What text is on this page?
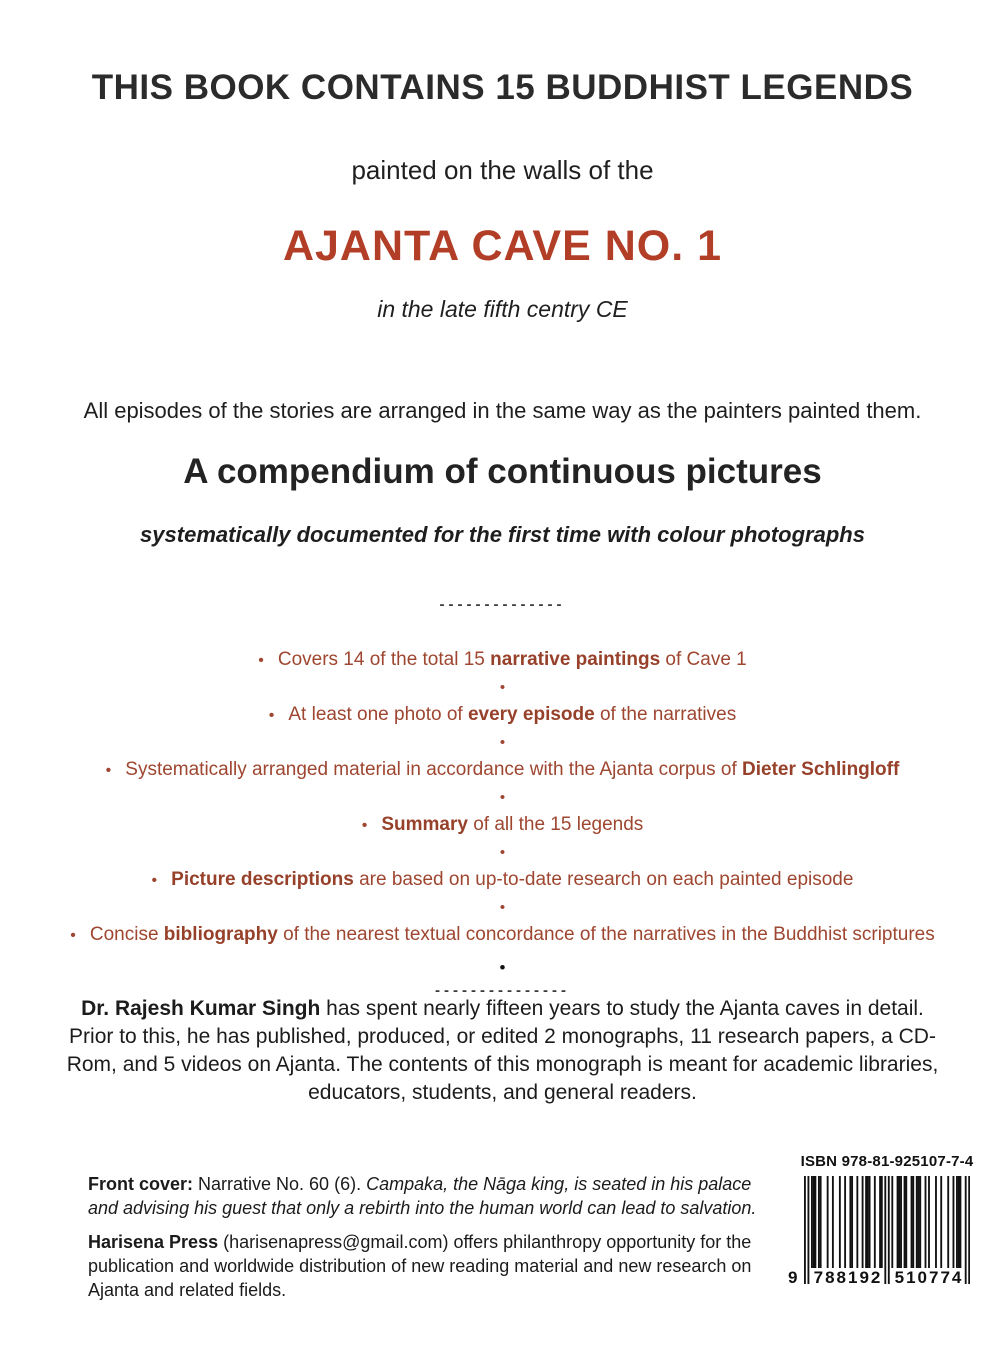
THIS BOOK CONTAINS 15 BUDDHIST LEGENDS
painted on the walls of the
AJANTA CAVE NO. 1
in the late fifth centry CE
All episodes of the stories are arranged in the same way as the painters painted them.
A compendium of continuous pictures
systematically documented for the first time with colour photographs
--------------
• Covers 14 of the total 15 narrative paintings of Cave 1
•
• At least one photo of every episode of the narratives
•
• Systematically arranged material in accordance with the Ajanta corpus of Dieter Schlingloff
•
• Summary of all the 15 legends
•
• Picture descriptions are based on up-to-date research on each painted episode
•
• Concise bibliography of the nearest textual concordance of the narratives in the Buddhist scriptures
•
---------------

Dr. Rajesh Kumar Singh has spent nearly fifteen years to study the Ajanta caves in detail. Prior to this, he has published, produced, or edited 2 monographs, 11 research papers, a CD-Rom, and 5 videos on Ajanta. The contents of this monograph is meant for academic libraries, educators, students, and general readers.

Front cover: Narrative No. 60 (6). Campaka, the Nāga king, is seated in his palace and advising his guest that only a rebirth into the human world can lead to salvation.

Harisena Press (harisenapress@gmail.com) offers philanthropy opportunity for the publication and worldwide distribution of new reading material and new research on Ajanta and related fields.

ISBN 978-81-925107-7-4
9 788192 510774
